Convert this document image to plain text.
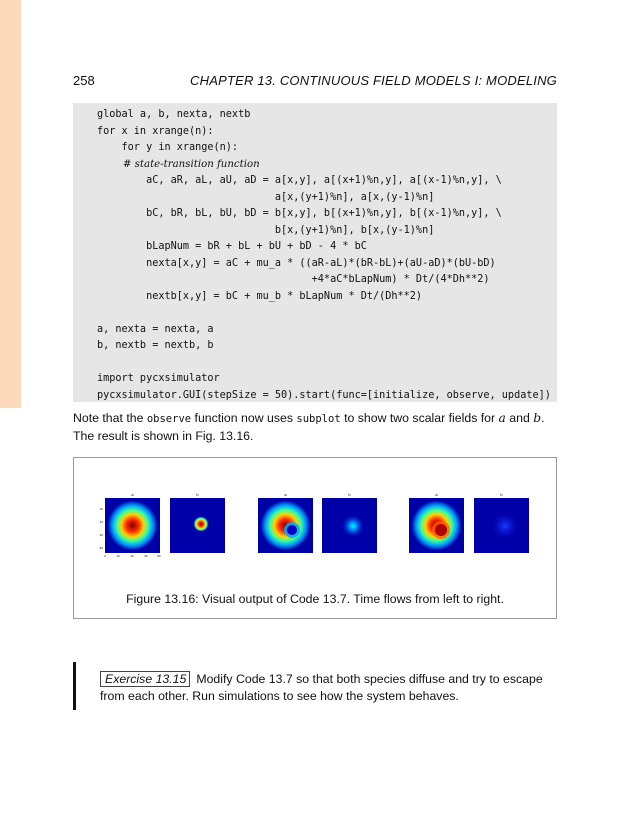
258	CHAPTER 13. CONTINUOUS FIELD MODELS I: MODELING
global a, b, nexta, nextb
for x in xrange(n):
for y in xrange(n):
# state-transition function
aC, aR, aL, aU, aD = a[x,y], a[(x+1)%n,y], a[(x-1)%n,y], \
a[x,(y+1)%n], a[x,(y-1)%n]
bC, bR, bL, bU, bD = b[x,y], b[(x+1)%n,y], b[(x-1)%n,y], \
b[x,(y+1)%n], b[x,(y-1)%n]
bLapNum = bR + bL + bU + bD - 4 * bC
nexta[x,y] = aC + mu_a * ((aR-aL)*(bR-bL)+(aU-aD)*(bU-bD)
+4*aC*bLapNum) * Dt/(4*Dh**2)
nextb[x,y] = bC + mu_b * bLapNum * Dt/(Dh**2)
a, nexta = nexta, a
b, nextb = nextb, b
import pycxsimulator
pycxsimulator.GUI(stepSize = 50).start(func=[initialize, observe, update])
Note that the observe function now uses subplot to show two scalar fields for a and b.
The result is shown in Fig. 13.16.
a	b	a	b	a	b
20
40
60
80
0	20	40	60	80
Figure 13.16: Visual output of Code 13.7. Time flows from left to right.
Exercise 13.15 Modify Code 13.7 so that both species diffuse and try to escape from each other. Run simulations to see how the system behaves.
